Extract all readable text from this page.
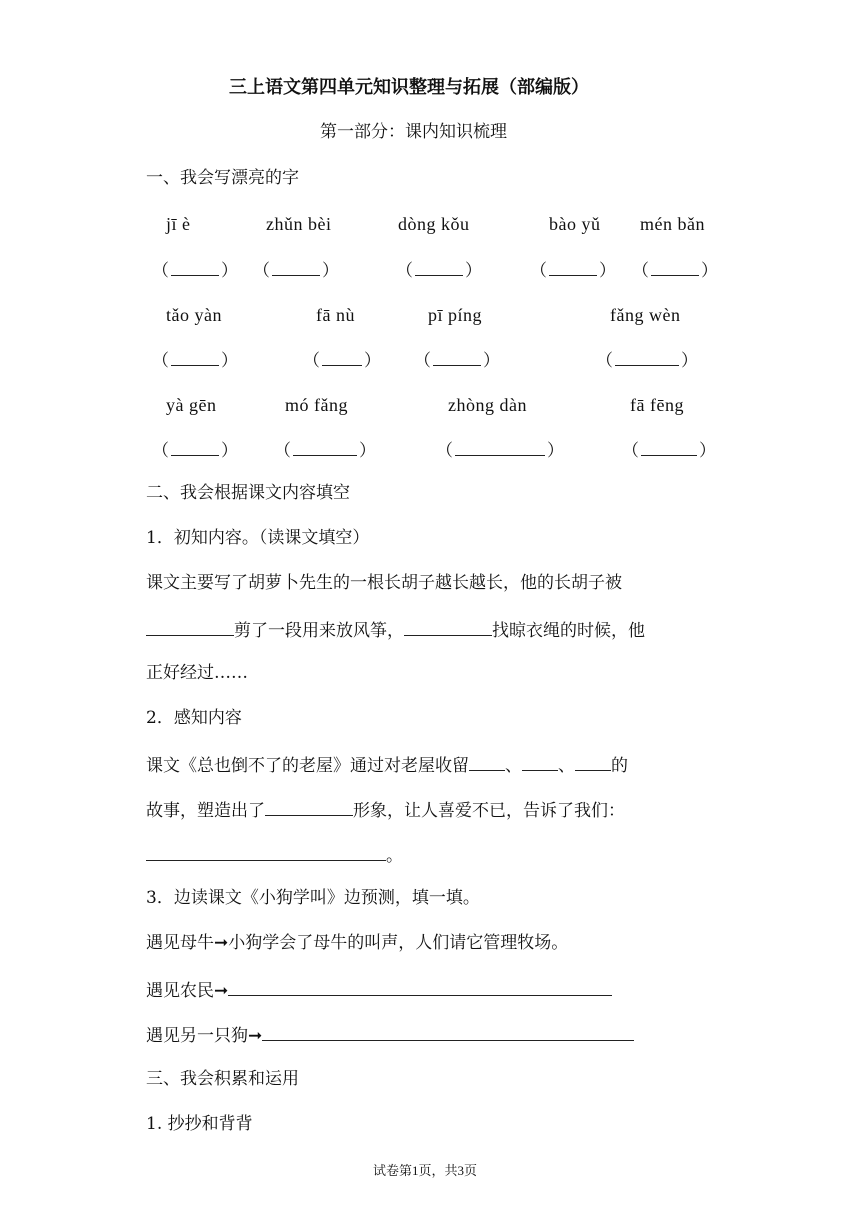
三上语文第四单元知识整理与拓展（部编版）
第一部分：课内知识梳理
一、我会写漂亮的字
jī è	zhǔn bèi	dòng kǒu	bào yǔ mén bǎn
（	） （	）	（	）	（	） （	）
tǎo yàn	fā nù	pī píng	fǎng wèn
（	）	（	） （	）	（	）
yà gēn	mó fǎng	zhòng dàn	fā fēng
（	） （	）	（	）	（	）
二、我会根据课文内容填空
1．初知内容。（读课文填空）
课文主要写了胡萝卜先生的一根长胡子越长越长，他的长胡子被
剪了一段用来放风筝，	找晾衣绳的时候，他
正好经过……
2．感知内容
课文《总也倒不了的老屋》通过对老屋收留 、 、 的
故事，塑造出了	形象，让人喜爱不已，告诉了我们：
。
3．边读课文《小狗学叫》边预测，填一填。
遇见母牛➞小狗学会了母牛的叫声，人们请它管理牧场。
遇见农民➞
遇见另一只狗➞
三、我会积累和运用
1. 抄抄和背背
试卷第1页，共3页
